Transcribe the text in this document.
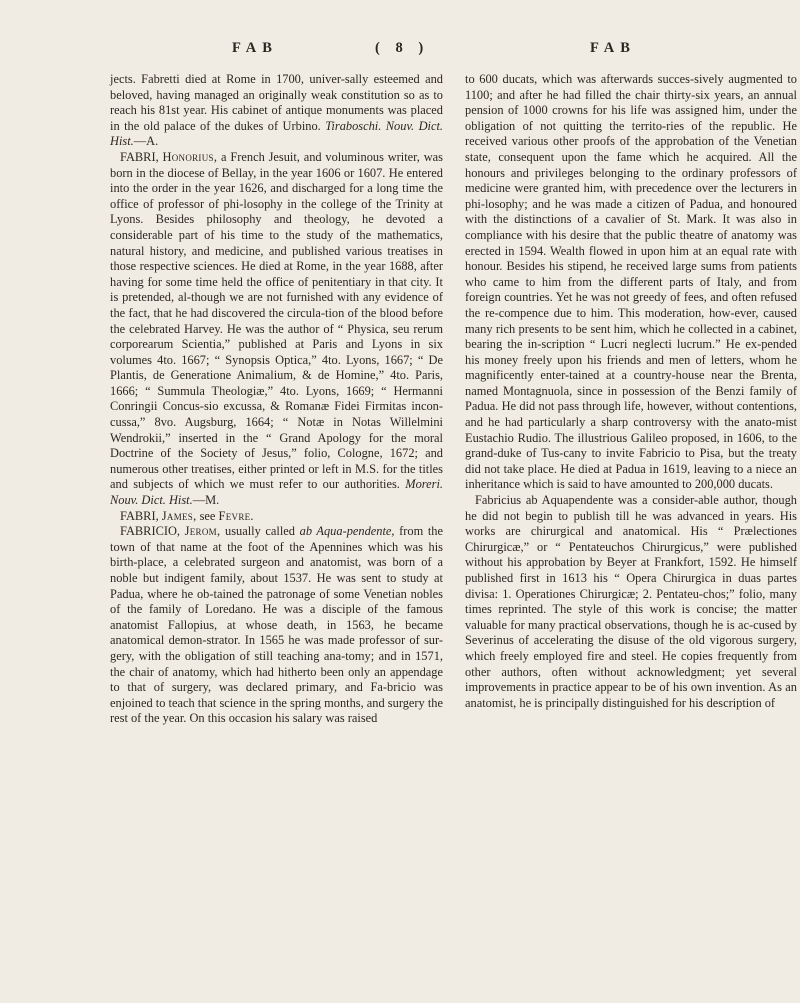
FAB	( 8 )	FAB

jects. Fabretti died at Rome in 1700, univer-sally esteemed and beloved, having managed an originally weak constitution so as to reach his 81st year. His cabinet of antique monuments was placed in the old palace of the dukes of Urbino. Tiraboschi. Nouv. Dict. Hist.—A.

FABRI, Honorius, a French Jesuit, and voluminous writer, was born in the diocese of Bellay, in the year 1606 or 1607. He entered into the order in the year 1626, and discharged for a long time the office of professor of phi-losophy in the college of the Trinity at Lyons. Besides philosophy and theology, he devoted a considerable part of his time to the study of the mathematics, natural history, and medicine, and published various treatises in those respective sciences. He died at Rome, in the year 1688, after having for some time held the office of penitentiary in that city. It is pretended, al-though we are not furnished with any evidence of the fact, that he had discovered the circula-tion of the blood before the celebrated Harvey. He was the author of “ Physica, seu rerum corporearum Scientia,” published at Paris and Lyons in six volumes 4to. 1667; “ Synopsis Optica,” 4to. Lyons, 1667; “ De Plantis, de Generatione Animalium, & de Homine,” 4to. Paris, 1666; “ Summula Theologiæ,” 4to. Lyons, 1669; “ Hermanni Conringii Concus-sio excussa, & Romanæ Fidei Firmitas incon-cussa,” 8vo. Augsburg, 1664; “ Notæ in Notas Willelmini Wendrokii,” inserted in the “ Grand Apology for the moral Doctrine of the Society of Jesus,” folio, Cologne, 1672; and numerous other treatises, either printed or left in M.S. for the titles and subjects of which we must refer to our authorities. Moreri. Nouv. Dict. Hist.—M.

FABRI, James, see Fevre.

FABRICIO, Jerom, usually called ab Aqua-pendente, from the town of that name at the foot of the Apennines which was his birth-place, a celebrated surgeon and anatomist, was born of a noble but indigent family, about 1537. He was sent to study at Padua, where he ob-tained the patronage of some Venetian nobles of the family of Loredano. He was a disciple of the famous anatomist Fallopius, at whose death, in 1563, he became anatomical demon-strator. In 1565 he was made professor of sur-gery, with the obligation of still teaching ana-tomy; and in 1571, the chair of anatomy, which had hitherto been only an appendage to that of surgery, was declared primary, and Fa-bricio was enjoined to teach that science in the spring months, and surgery the rest of the year. On this occasion his salary was raised

to 600 ducats, which was afterwards succes-sively augmented to 1100; and after he had filled the chair thirty-six years, an annual pension of 1000 crowns for his life was assigned him, under the obligation of not quitting the territo-ries of the republic. He received various other proofs of the approbation of the Venetian state, consequent upon the fame which he acquired. All the honours and privileges belonging to the ordinary professors of medicine were granted him, with precedence over the lecturers in phi-losophy; and he was made a citizen of Padua, and honoured with the distinctions of a cavalier of St. Mark. It was also in compliance with his desire that the public theatre of anatomy was erected in 1594. Wealth flowed in upon him at an equal rate with honour. Besides his stipend, he received large sums from patients who came to him from the different parts of Italy, and from foreign countries. Yet he was not greedy of fees, and often refused the re-compence due to him. This moderation, how-ever, caused many rich presents to be sent him, which he collected in a cabinet, bearing the in-scription “ Lucri neglecti lucrum.” He ex-pended his money freely upon his friends and men of letters, whom he magnificently enter-tained at a country-house near the Brenta, named Montagnuola, since in possession of the Benzi family of Padua. He did not pass through life, however, without contentions, and he had particularly a sharp controversy with the anato-mist Eustachio Rudio. The illustrious Galileo proposed, in 1606, to the grand-duke of Tus-cany to invite Fabricio to Pisa, but the treaty did not take place. He died at Padua in 1619, leaving to a niece an inheritance which is said to have amounted to 200,000 ducats.

Fabricius ab Aquapendente was a consider-able author, though he did not begin to publish till he was advanced in years. His works are chirurgical and anatomical. His “ Prælectiones Chirurgicæ,” or “ Pentateuchos Chirurgicus,” were published without his approbation by Beyer at Frankfort, 1592. He himself published first in 1613 his “ Opera Chirurgica in duas partes divisa: 1. Operationes Chirurgicæ; 2. Pentateu-chos;” folio, many times reprinted. The style of this work is concise; the matter valuable for many practical observations, though he is ac-cused by Severinus of accelerating the disuse of the old vigorous surgery, which freely employed fire and steel. He copies frequently from other authors, often without acknowledgment; yet several improvements in practice appear to be of his own invention. As an anatomist, he is principally distinguished for his description of
